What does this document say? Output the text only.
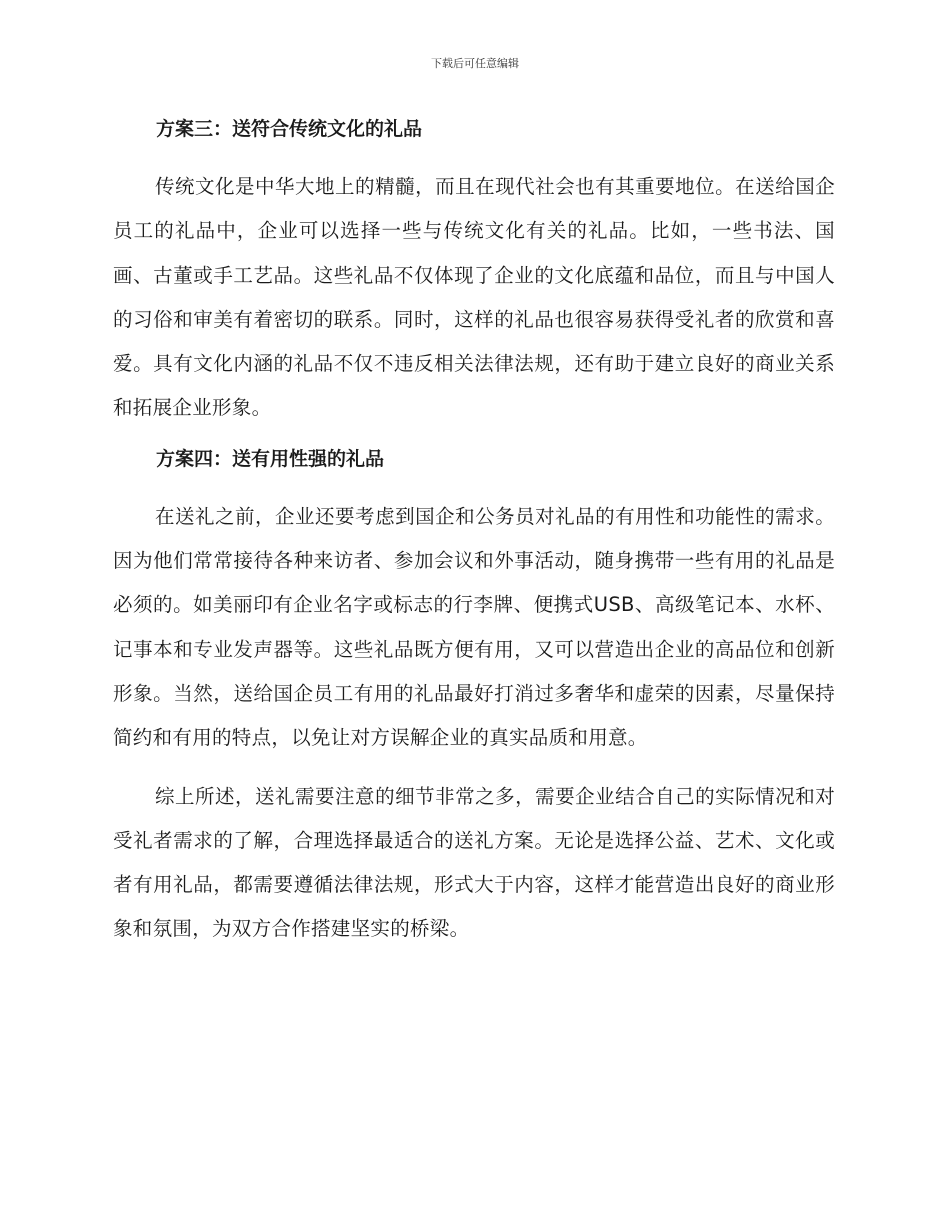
下载后可任意编辑
方案三：送符合传统文化的礼品

传统文化是中华大地上的精髓，而且在现代社会也有其重要地位。在送给国企员工的礼品中，企业可以选择一些与传统文化有关的礼品。比如，一些书法、国画、古董或手工艺品。这些礼品不仅体现了企业的文化底蕴和品位，而且与中国人的习俗和审美有着密切的联系。同时，这样的礼品也很容易获得受礼者的欣赏和喜爱。具有文化内涵的礼品不仅不违反相关法律法规，还有助于建立良好的商业关系和拓展企业形象。

方案四：送有用性强的礼品

在送礼之前，企业还要考虑到国企和公务员对礼品的有用性和功能性的需求。因为他们常常接待各种来访者、参加会议和外事活动，随身携带一些有用的礼品是必须的。如美丽印有企业名字或标志的行李牌、便携式USB、高级笔记本、水杯、记事本和专业发声器等。这些礼品既方便有用，又可以营造出企业的高品位和创新形象。当然，送给国企员工有用的礼品最好打消过多奢华和虚荣的因素，尽量保持简约和有用的特点，以免让对方误解企业的真实品质和用意。

综上所述，送礼需要注意的细节非常之多，需要企业结合自己的实际情况和对受礼者需求的了解，合理选择最适合的送礼方案。无论是选择公益、艺术、文化或者有用礼品，都需要遵循法律法规，形式大于内容，这样才能营造出良好的商业形象和氛围，为双方合作搭建坚实的桥梁。
